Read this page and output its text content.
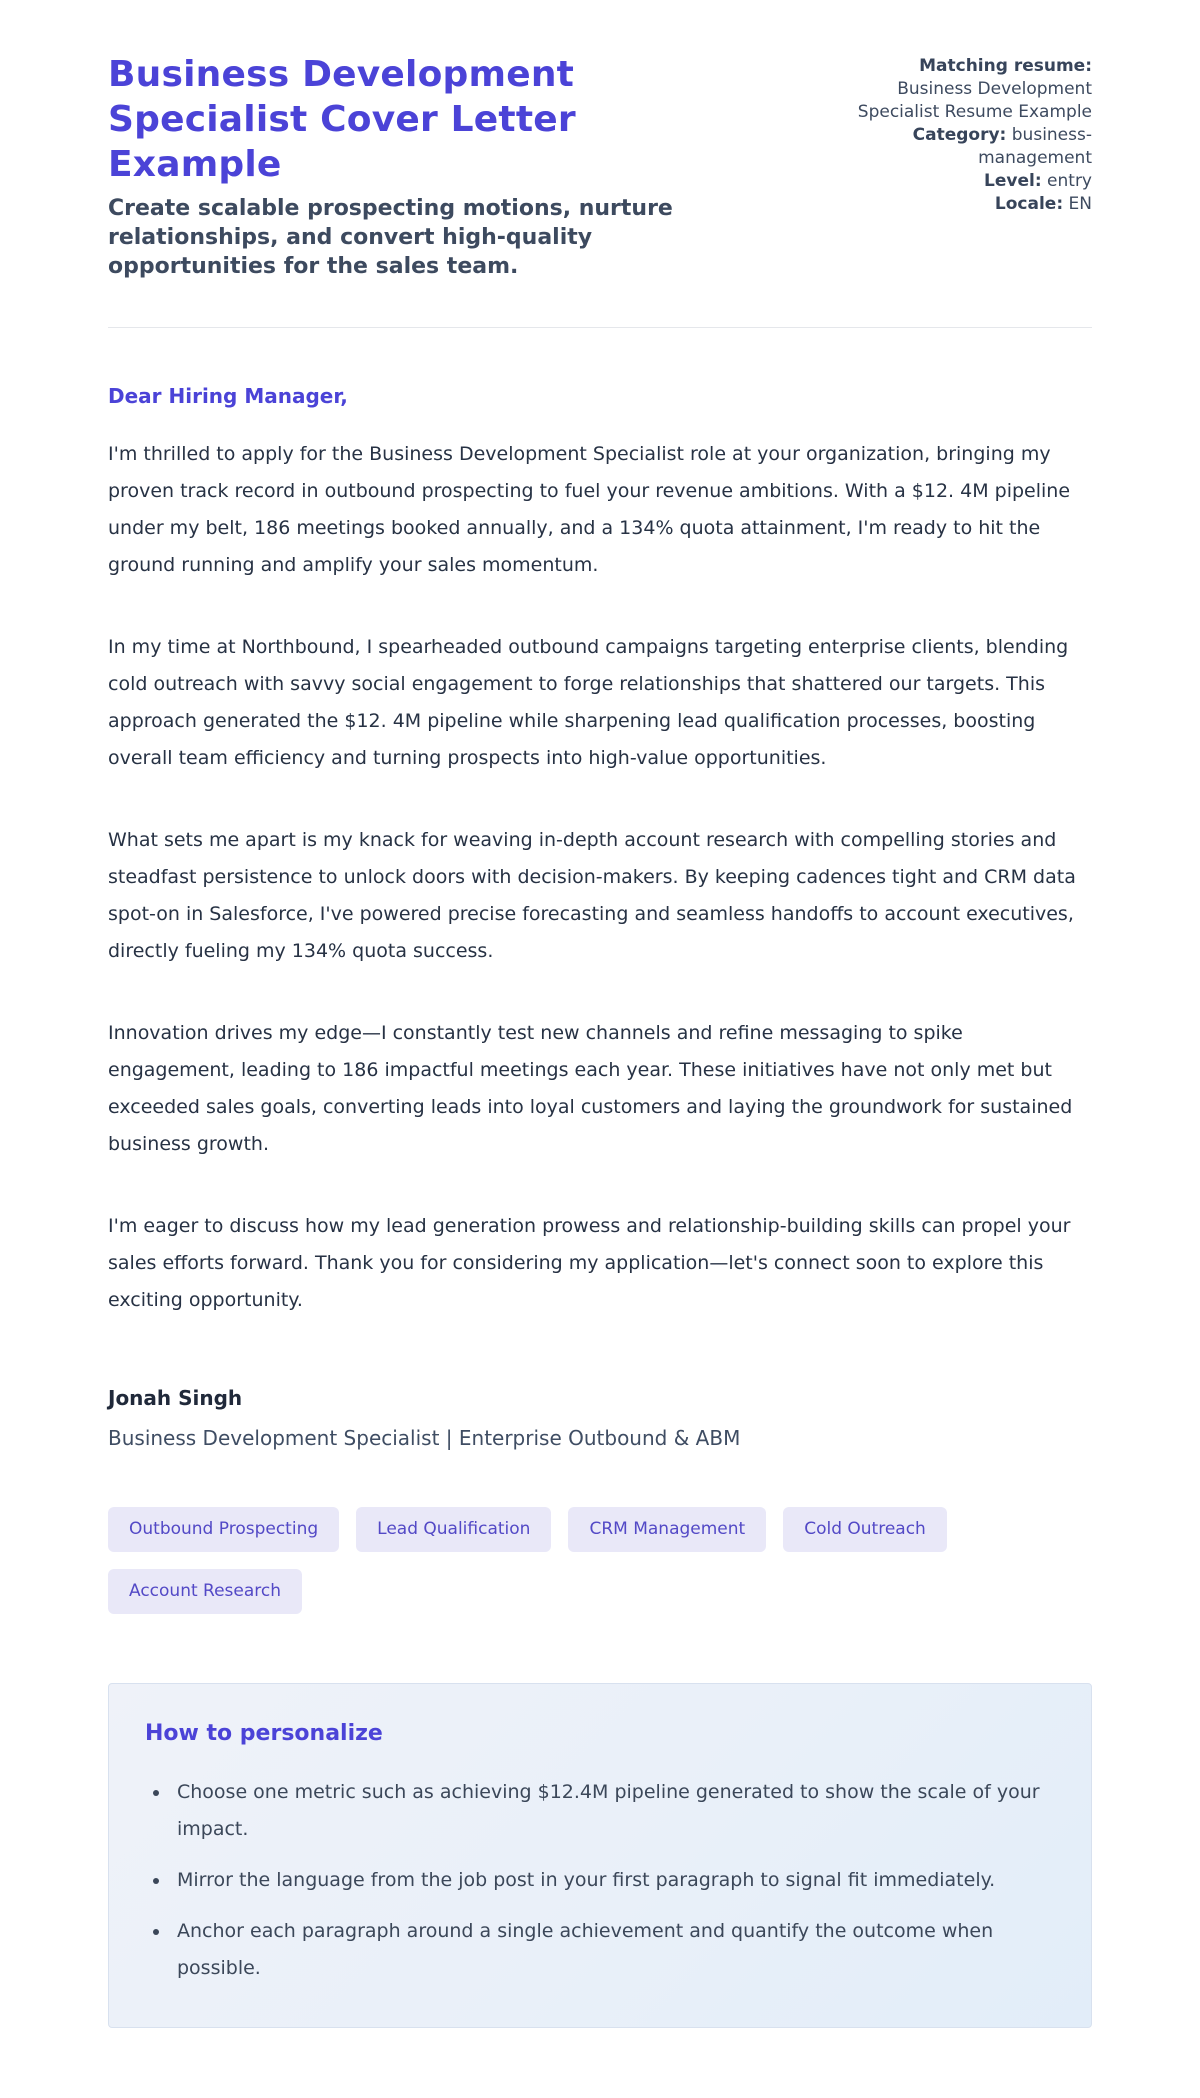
Business Development Specialist Cover Letter Example
Create scalable prospecting motions, nurture relationships, and convert high-quality opportunities for the sales team.
Matching resume: Business Development Specialist Resume Example
Category: business-management
Level: entry
Locale: EN
Dear Hiring Manager,

I'm thrilled to apply for the Business Development Specialist role at your organization, bringing my proven track record in outbound prospecting to fuel your revenue ambitions. With a $12. 4M pipeline under my belt, 186 meetings booked annually, and a 134% quota attainment, I'm ready to hit the ground running and amplify your sales momentum.

In my time at Northbound, I spearheaded outbound campaigns targeting enterprise clients, blending cold outreach with savvy social engagement to forge relationships that shattered our targets. This approach generated the $12. 4M pipeline while sharpening lead qualification processes, boosting overall team efficiency and turning prospects into high-value opportunities.

What sets me apart is my knack for weaving in-depth account research with compelling stories and steadfast persistence to unlock doors with decision-makers. By keeping cadences tight and CRM data spot-on in Salesforce, I've powered precise forecasting and seamless handoffs to account executives, directly fueling my 134% quota success.

Innovation drives my edge—I constantly test new channels and refine messaging to spike engagement, leading to 186 impactful meetings each year. These initiatives have not only met but exceeded sales goals, converting leads into loyal customers and laying the groundwork for sustained business growth.

I'm eager to discuss how my lead generation prowess and relationship-building skills can propel your sales efforts forward. Thank you for considering my application—let's connect soon to explore this exciting opportunity.

Jonah Singh
Business Development Specialist | Enterprise Outbound & ABM
Outbound Prospecting	Lead Qualification	CRM Management	Cold Outreach
Account Research
How to personalize
• Choose one metric such as achieving $12.4M pipeline generated to show the scale of your impact.
• Mirror the language from the job post in your first paragraph to signal fit immediately.
• Anchor each paragraph around a single achievement and quantify the outcome when possible.
